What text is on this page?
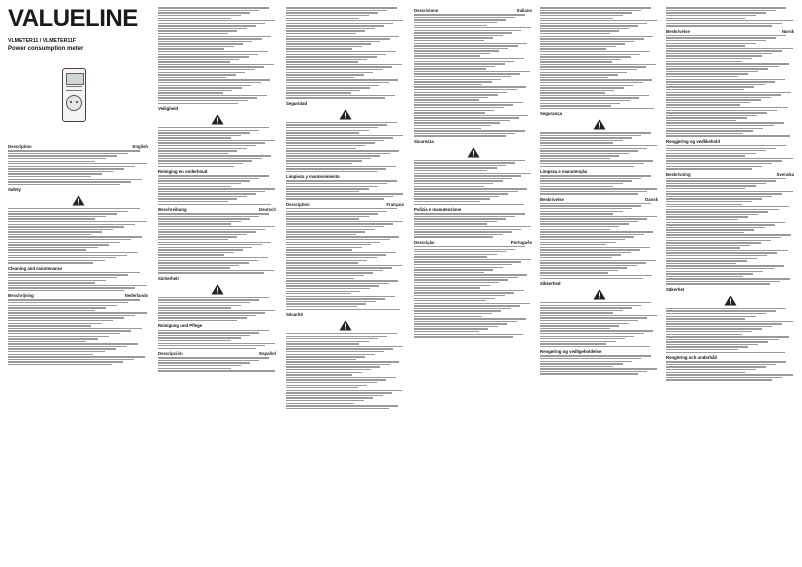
VALUELINE
VLMETER11 / VLMETER11F
Power consumption meter
Description	English
Safety
Cleaning and maintenance
Beschrijving	Nederlands
Veiligheid
Reiniging en onderhoud
Beschreibung	Deutsch
Sicherheit
Reinigung und Pflege
Descripción	Español
Seguridad
Limpieza y mantenimiento
Description	Français
Sécurité
Descrizione	Italiano
Sicurezza
Pulizia e manutenzione
Descrição	Português
Segurança
Limpeza e manutenção
Beskrivelse	Dansk
Sikkerhed
Rengøring og vedligeholdelse
Beskrivelse	Norsk
Rengjøring og vedlikehold
Beskrivning	Svenska
Säkerhet
Rengöring och underhåll
